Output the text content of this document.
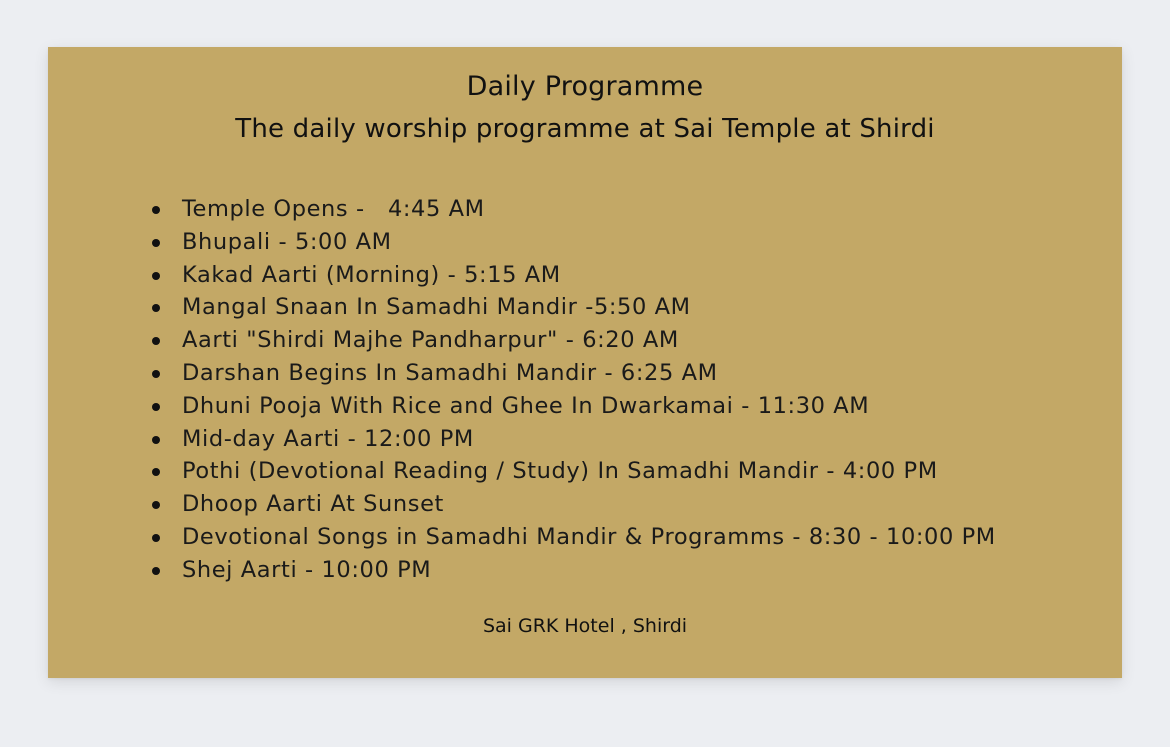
Daily Programme
The daily worship programme at Sai Temple at Shirdi
Temple Opens -   4:45 AM
Bhupali - 5:00 AM
Kakad Aarti (Morning) - 5:15 AM
Mangal Snaan In Samadhi Mandir -5:50 AM
Aarti "Shirdi Majhe Pandharpur" - 6:20 AM
Darshan Begins In Samadhi Mandir - 6:25 AM
Dhuni Pooja With Rice and Ghee In Dwarkamai - 11:30 AM
Mid-day Aarti - 12:00 PM
Pothi (Devotional Reading / Study) In Samadhi Mandir - 4:00 PM
Dhoop Aarti At Sunset
Devotional Songs in Samadhi Mandir & Programms - 8:30 - 10:00 PM
Shej Aarti - 10:00 PM

Sai GRK Hotel , Shirdi
